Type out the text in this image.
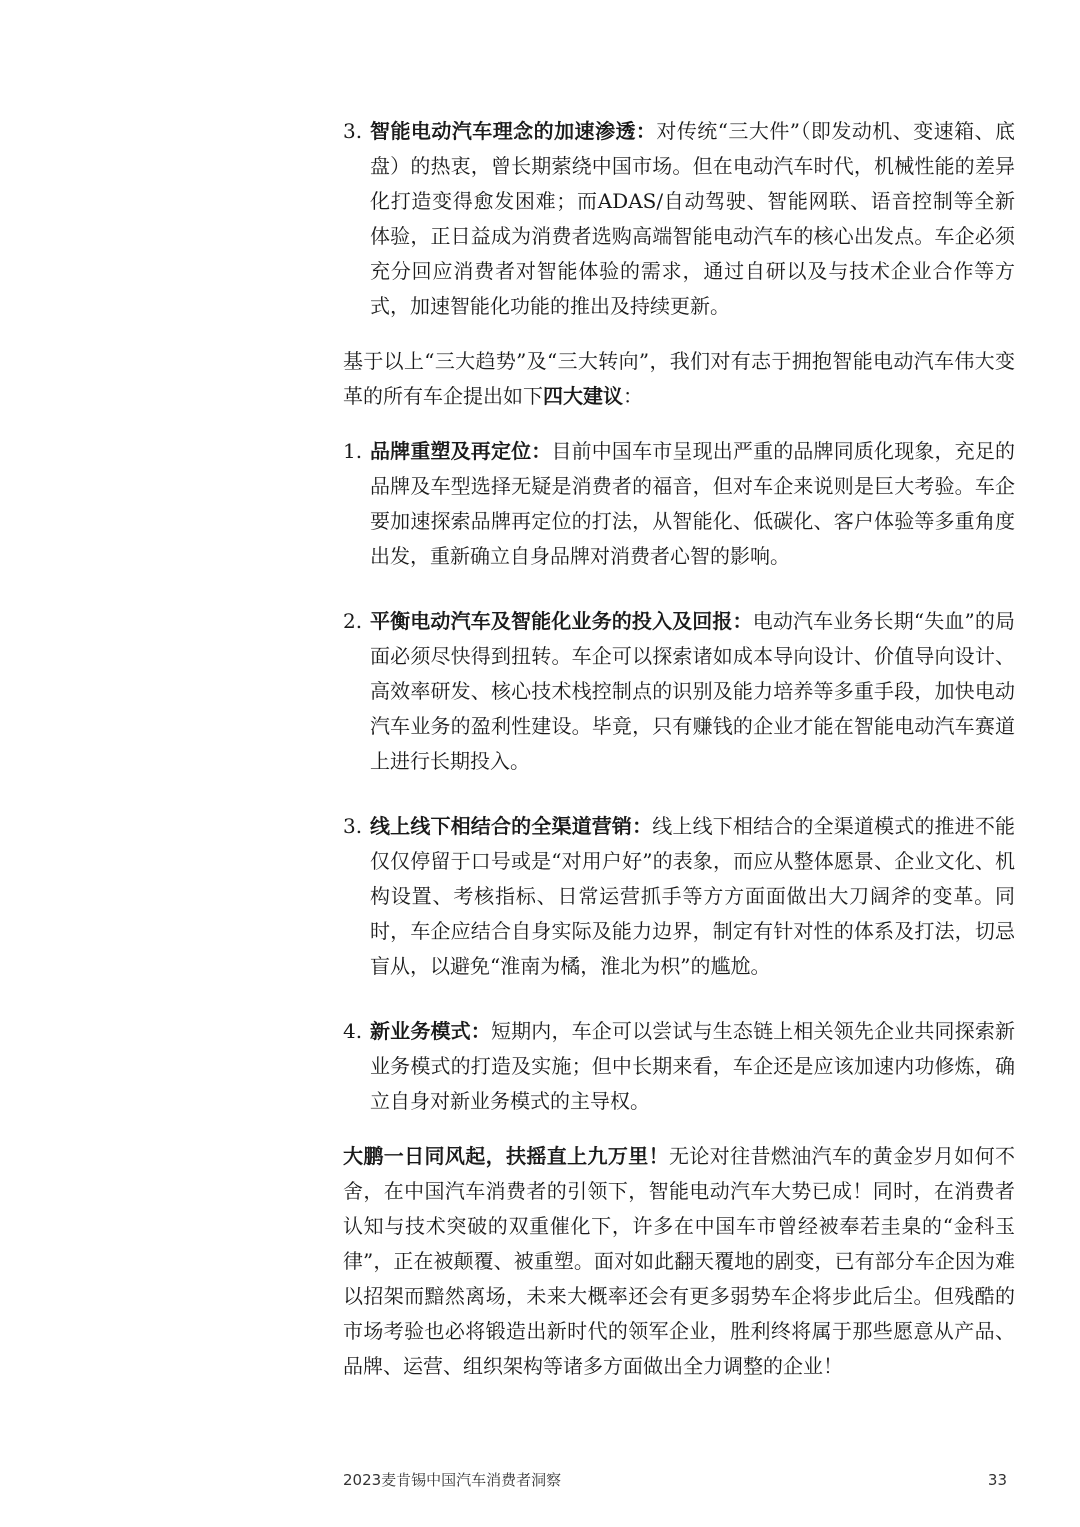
3. 智能电动汽车理念的加速渗透：对传统“三大件”（即发动机、变速箱、底盘）的热衷，曾长期萦绕中国市场。但在电动汽车时代，机械性能的差异化打造变得愈发困难；而ADAS/自动驾驶、智能网联、语音控制等全新体验，正日益成为消费者选购高端智能电动汽车的核心出发点。车企必须充分回应消费者对智能体验的需求，通过自研以及与技术企业合作等方式，加速智能化功能的推出及持续更新。

基于以上“三大趋势”及“三大转向”，我们对有志于拥抱智能电动汽车伟大变革的所有车企提出如下四大建议：

1. 品牌重塑及再定位：目前中国车市呈现出严重的品牌同质化现象，充足的品牌及车型选择无疑是消费者的福音，但对车企来说则是巨大考验。车企要加速探索品牌再定位的打法，从智能化、低碳化、客户体验等多重角度出发，重新确立自身品牌对消费者心智的影响。
2. 平衡电动汽车及智能化业务的投入及回报：电动汽车业务长期“失血”的局面必须尽快得到扭转。车企可以探索诸如成本导向设计、价值导向设计、高效率研发、核心技术栈控制点的识别及能力培养等多重手段，加快电动汽车业务的盈利性建设。毕竟，只有赚钱的企业才能在智能电动汽车赛道上进行长期投入。
3. 线上线下相结合的全渠道营销：线上线下相结合的全渠道模式的推进不能仅仅停留于口号或是“对用户好”的表象，而应从整体愿景、企业文化、机构设置、考核指标、日常运营抓手等方方面面做出大刀阔斧的变革。同时，车企应结合自身实际及能力边界，制定有针对性的体系及打法，切忌盲从，以避免“淮南为橘，淮北为枳”的尴尬。
4. 新业务模式：短期内，车企可以尝试与生态链上相关领先企业共同探索新业务模式的打造及实施；但中长期来看，车企还是应该加速内功修炼，确立自身对新业务模式的主导权。

大鹏一日同风起，扶摇直上九万里！无论对往昔燃油汽车的黄金岁月如何不舍，在中国汽车消费者的引领下，智能电动汽车大势已成！同时，在消费者认知与技术突破的双重催化下，许多在中国车市曾经被奉若圭臬的“金科玉律”，正在被颠覆、被重塑。面对如此翻天覆地的剧变，已有部分车企因为难以招架而黯然离场，未来大概率还会有更多弱势车企将步此后尘。但残酷的市场考验也必将锻造出新时代的领军企业，胜利终将属于那些愿意从产品、品牌、运营、组织架构等诸多方面做出全力调整的企业！

2023麦肯锡中国汽车消费者洞察	33
